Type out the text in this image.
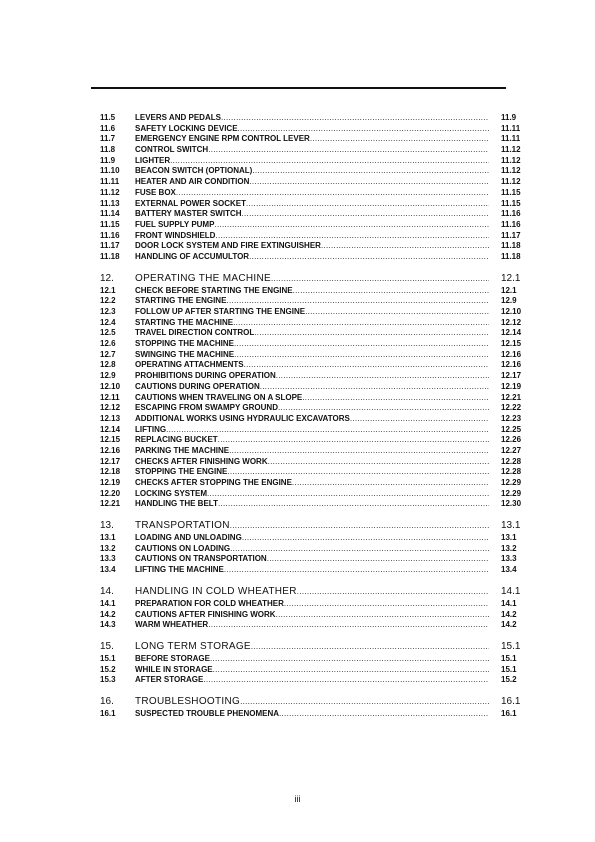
11.5	LEVERS AND PEDALS .....	11.9
11.6	SAFETY LOCKING DEVICE .....	11.11
11.7	EMERGENCY ENGINE RPM CONTROL LEVER .....	11.11
11.8	CONTROL SWITCH .....	11.12
11.9	LIGHTER .....	11.12
11.10	BEACON SWITCH (OPTIONAL) .....	11.12
11.11	HEATER AND AIR CONDITION .....	11.12
11.12	FUSE BOX .....	11.15
11.13	EXTERNAL POWER SOCKET .....	11.15
11.14	BATTERY MASTER SWITCH .....	11.16
11.15	FUEL SUPPLY PUMP .....	11.16
11.16	FRONT WINDSHIELD .....	11.17
11.17	DOOR LOCK SYSTEM AND FIRE EXTINGUISHER .....	11.18
11.18	HANDLING OF ACCUMULTOR .....	11.18
12.	OPERATING THE MACHINE .....	12.1
12.1	CHECK BEFORE STARTING THE ENGINE .....	12.1
12.2	STARTING THE ENGINE .....	12.9
12.3	FOLLOW UP AFTER STARTING THE ENGINE .....	12.10
12.4	STARTING THE MACHINE .....	12.12
12.5	TRAVEL DIRECTION CONTROL .....	12.14
12.6	STOPPING THE MACHINE .....	12.15
12.7	SWINGING THE MACHINE .....	12.16
12.8	OPERATING ATTACHMENTS .....	12.16
12.9	PROHIBITIONS DURING OPERATION .....	12.17
12.10	CAUTIONS DURING OPERATION .....	12.19
12.11	CAUTIONS WHEN TRAVELING ON A SLOPE .....	12.21
12.12	ESCAPING FROM SWAMPY GROUND .....	12.22
12.13	ADDITIONAL WORKS USING HYDRAULIC EXCAVATORS .....	12.23
12.14	LIFTING .....	12.25
12.15	REPLACING BUCKET .....	12.26
12.16	PARKING THE MACHINE .....	12.27
12.17	CHECKS AFTER FINISHING WORK .....	12.28
12.18	STOPPING THE ENGINE .....	12.28
12.19	CHECKS AFTER STOPPING THE ENGINE .....	12.29
12.20	LOCKING SYSTEM .....	12.29
12.21	HANDLING THE BELT .....	12.30
13.	TRANSPORTATION .....	13.1
13.1	LOADING AND UNLOADING .....	13.1
13.2	CAUTIONS ON LOADING .....	13.2
13.3	CAUTIONS ON TRANSPORTATION .....	13.3
13.4	LIFTING THE MACHINE .....	13.4
14.	HANDLING IN COLD WHEATHER .....	14.1
14.1	PREPARATION FOR COLD WHEATHER .....	14.1
14.2	CAUTIONS AFTER FINISHING WORK .....	14.2
14.3	WARM WHEATHER .....	14.2
15.	LONG TERM STORAGE .....	15.1
15.1	BEFORE STORAGE .....	15.1
15.2	WHILE IN STORAGE .....	15.1
15.3	AFTER STORAGE .....	15.2
16.	TROUBLESHOOTING .....	16.1
16.1	SUSPECTED TROUBLE PHENOMENA .....	16.1
iii
